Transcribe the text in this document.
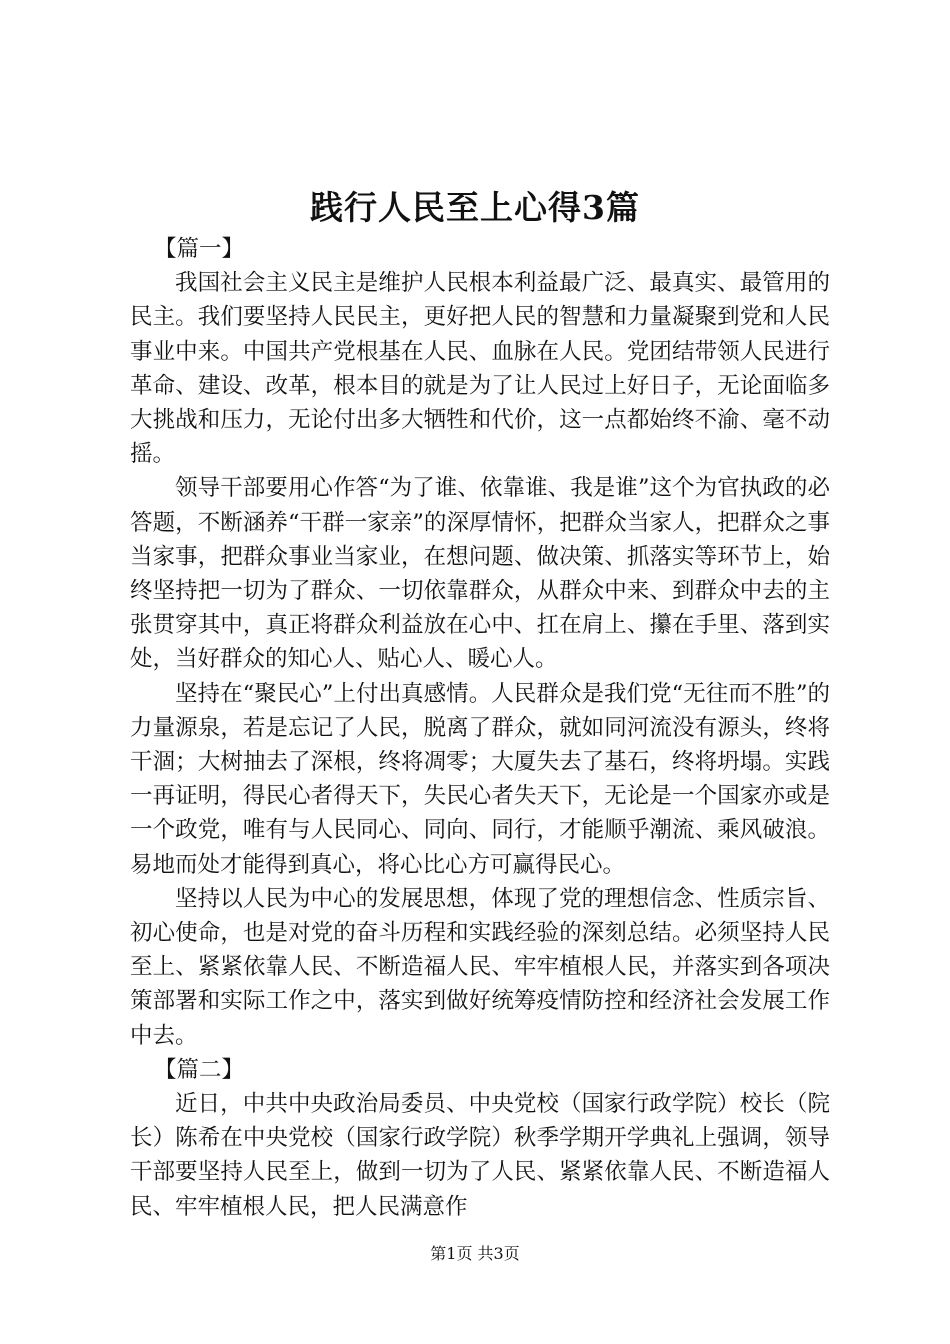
践行人民至上心得3篇
【篇一】

我国社会主义民主是维护人民根本利益最广泛、最真实、最管用的民主。我们要坚持人民民主，更好把人民的智慧和力量凝聚到党和人民事业中来。中国共产党根基在人民、血脉在人民。党团结带领人民进行革命、建设、改革，根本目的就是为了让人民过上好日子，无论面临多大挑战和压力，无论付出多大牺牲和代价，这一点都始终不渝、毫不动摇。

领导干部要用心作答“为了谁、依靠谁、我是谁”这个为官执政的必答题，不断涵养“干群一家亲”的深厚情怀，把群众当家人，把群众之事当家事，把群众事业当家业，在想问题、做决策、抓落实等环节上，始终坚持把一切为了群众、一切依靠群众，从群众中来、到群众中去的主张贯穿其中，真正将群众利益放在心中、扛在肩上、攥在手里、落到实处，当好群众的知心人、贴心人、暖心人。

坚持在“聚民心”上付出真感情。人民群众是我们党“无往而不胜”的力量源泉，若是忘记了人民，脱离了群众，就如同河流没有源头，终将干涸；大树抽去了深根，终将凋零；大厦失去了基石，终将坍塌。实践一再证明，得民心者得天下，失民心者失天下，无论是一个国家亦或是一个政党，唯有与人民同心、同向、同行，才能顺乎潮流、乘风破浪。易地而处才能得到真心，将心比心方可赢得民心。

坚持以人民为中心的发展思想，体现了党的理想信念、性质宗旨、初心使命，也是对党的奋斗历程和实践经验的深刻总结。必须坚持人民至上、紧紧依靠人民、不断造福人民、牢牢植根人民，并落实到各项决策部署和实际工作之中，落实到做好统筹疫情防控和经济社会发展工作中去。

【篇二】

近日，中共中央政治局委员、中央党校（国家行政学院）校长（院长）陈希在中央党校（国家行政学院）秋季学期开学典礼上强调，领导干部要坚持人民至上，做到一切为了人民、紧紧依靠人民、不断造福人民、牢牢植根人民，把人民满意作

第1页 共3页
